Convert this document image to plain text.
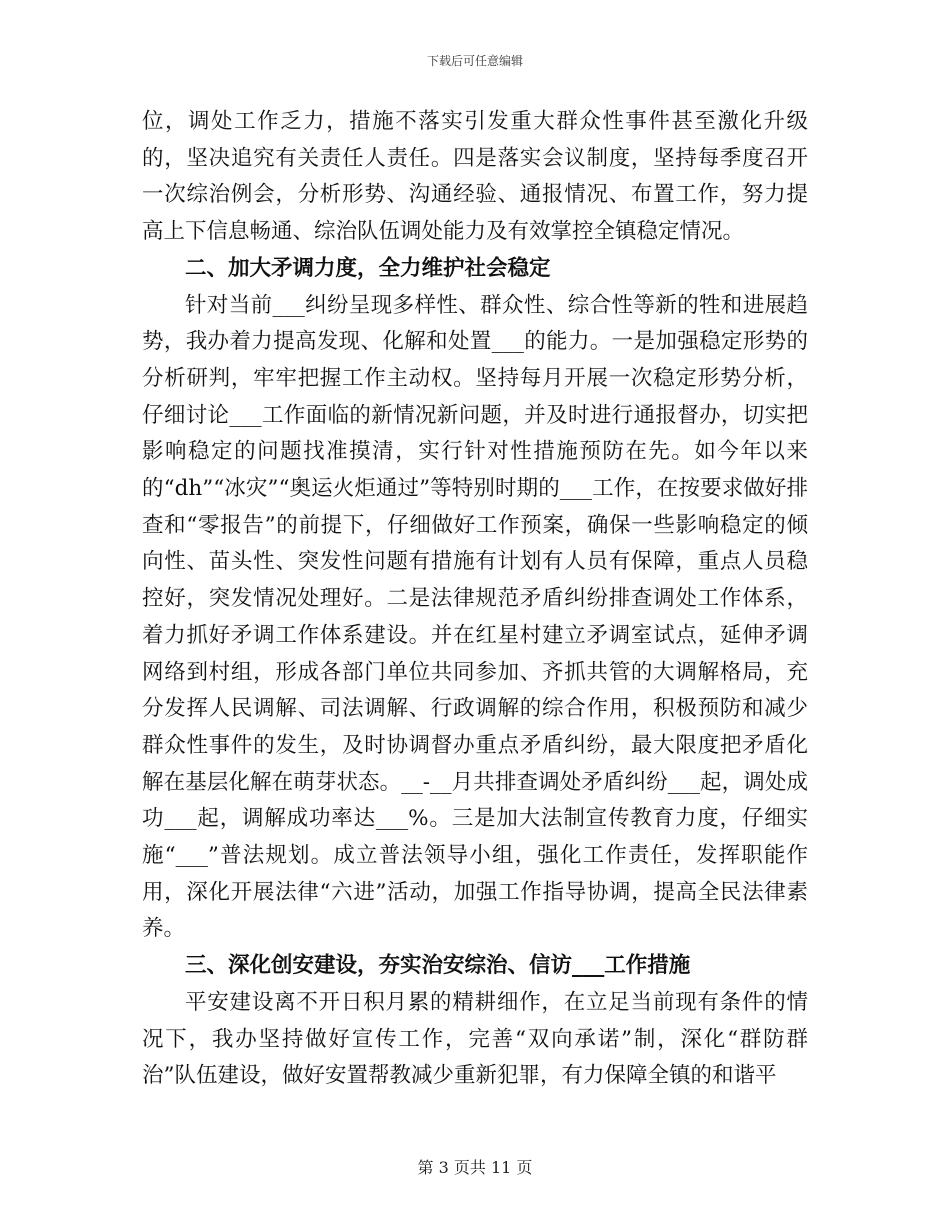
下载后可任意编辑

位，调处工作乏力，措施不落实引发重大群众性事件甚至激化升级的，坚决追究有关责任人责任。四是落实会议制度，坚持每季度召开一次综治例会，分析形势、沟通经验、通报情况、布置工作，努力提高上下信息畅通、综治队伍调处能力及有效掌控全镇稳定情况。

二、加大矛调力度，全力维护社会稳定

针对当前___纠纷呈现多样性、群众性、综合性等新的牲和进展趋势，我办着力提高发现、化解和处置___的能力。一是加强稳定形势的分析研判，牢牢把握工作主动权。坚持每月开展一次稳定形势分析，仔细讨论___工作面临的新情况新问题，并及时进行通报督办，切实把影响稳定的问题找准摸清，实行针对性措施预防在先。如今年以来的“dh”“冰灾”“奥运火炬通过”等特别时期的___工作，在按要求做好排查和“零报告”的前提下，仔细做好工作预案，确保一些影响稳定的倾向性、苗头性、突发性问题有措施有计划有人员有保障，重点人员稳控好，突发情况处理好。二是法律规范矛盾纠纷排查调处工作体系，着力抓好矛调工作体系建设。并在红星村建立矛调室试点，延伸矛调网络到村组，形成各部门单位共同参加、齐抓共管的大调解格局，充分发挥人民调解、司法调解、行政调解的综合作用，积极预防和减少群众性事件的发生，及时协调督办重点矛盾纠纷，最大限度把矛盾化解在基层化解在萌芽状态。__-__月共排查调处矛盾纠纷___起，调处成功___起，调解成功率达___%。三是加大法制宣传教育力度，仔细实施“___”普法规划。成立普法领导小组，强化工作责任，发挥职能作用，深化开展法律“六进”活动，加强工作指导协调，提高全民法律素养。

三、深化创安建设，夯实治安综治、信访___工作措施

平安建设离不开日积月累的精耕细作，在立足当前现有条件的情况下，我办坚持做好宣传工作，完善“双向承诺”制，深化“群防群治”队伍建设，做好安置帮教减少重新犯罪，有力保障全镇的和谐平

第 3 页共 11 页
